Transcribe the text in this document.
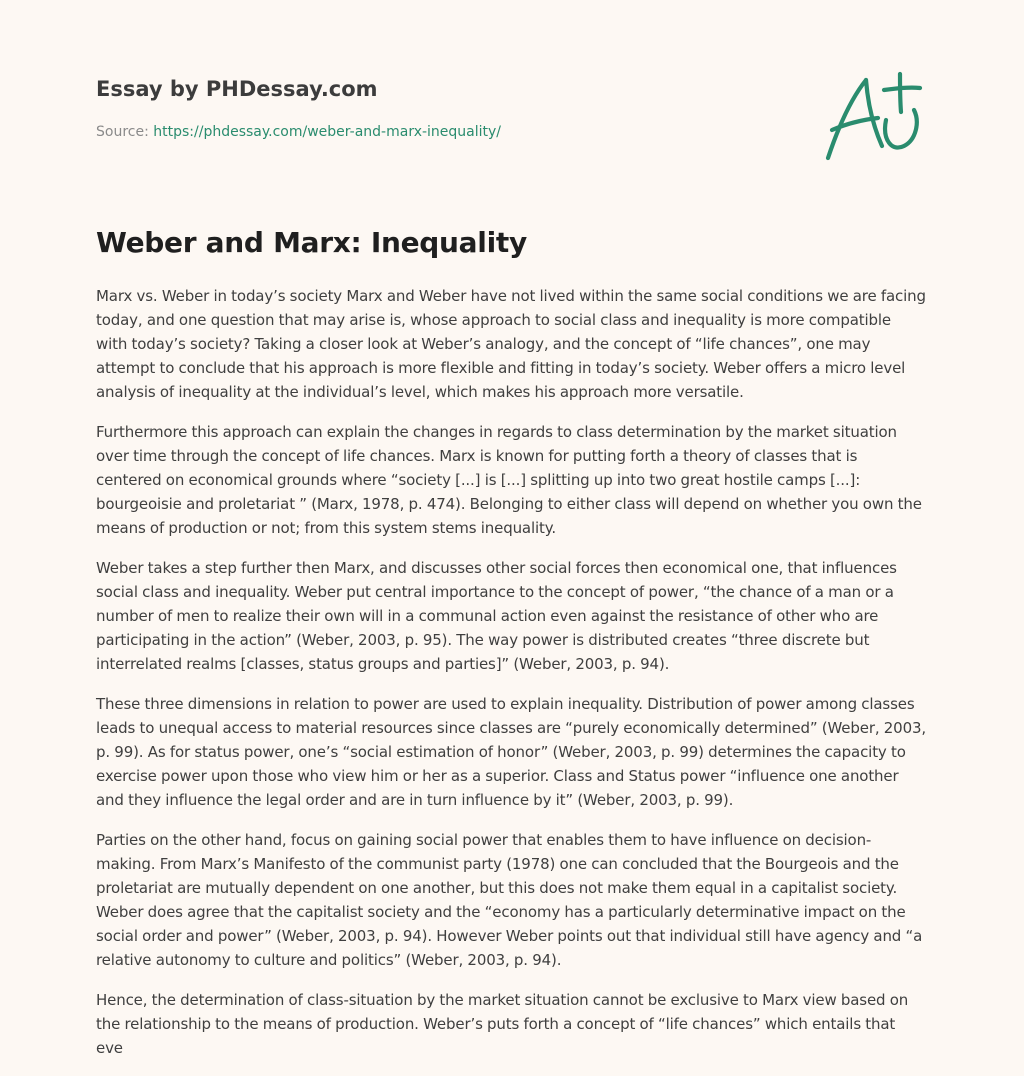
Essay by PHDessay.com
Source: https://phdessay.com/weber-and-marx-inequality/
Weber and Marx: Inequality

Marx vs. Weber in today’s society Marx and Weber have not lived within the same social conditions we are facing today, and one question that may arise is, whose approach to social class and inequality is more compatible with today’s society? Taking a closer look at Weber’s analogy, and the concept of “life chances”, one may attempt to conclude that his approach is more flexible and fitting in today’s society. Weber offers a micro level analysis of inequality at the individual’s level, which makes his approach more versatile.

Furthermore this approach can explain the changes in regards to class determination by the market situation over time through the concept of life chances. Marx is known for putting forth a theory of classes that is centered on economical grounds where “society [...] is [...] splitting up into two great hostile camps [...]: bourgeoisie and proletariat ” (Marx, 1978, p. 474). Belonging to either class will depend on whether you own the means of production or not; from this system stems inequality.

Weber takes a step further then Marx, and discusses other social forces then economical one, that influences social class and inequality. Weber put central importance to the concept of power, “the chance of a man or a number of men to realize their own will in a communal action even against the resistance of other who are participating in the action” (Weber, 2003, p. 95). The way power is distributed creates “three discrete but interrelated realms [classes, status groups and parties]” (Weber, 2003, p. 94).

These three dimensions in relation to power are used to explain inequality. Distribution of power among classes leads to unequal access to material resources since classes are “purely economically determined” (Weber, 2003, p. 99). As for status power, one’s “social estimation of honor” (Weber, 2003, p. 99) determines the capacity to exercise power upon those who view him or her as a superior. Class and Status power “influence one another and they influence the legal order and are in turn influence by it” (Weber, 2003, p. 99).

Parties on the other hand, focus on gaining social power that enables them to have influence on decision-making. From Marx’s Manifesto of the communist party (1978) one can concluded that the Bourgeois and the proletariat are mutually dependent on one another, but this does not make them equal in a capitalist society. Weber does agree that the capitalist society and the “economy has a particularly determinative impact on the social order and power” (Weber, 2003, p. 94). However Weber points out that individual still have agency and “a relative autonomy to culture and politics” (Weber, 2003, p. 94).

Hence, the determination of class-situation by the market situation cannot be exclusive to Marx view based on the relationship to the means of production. Weber’s puts forth a concept of “life chances” which entails that eve
